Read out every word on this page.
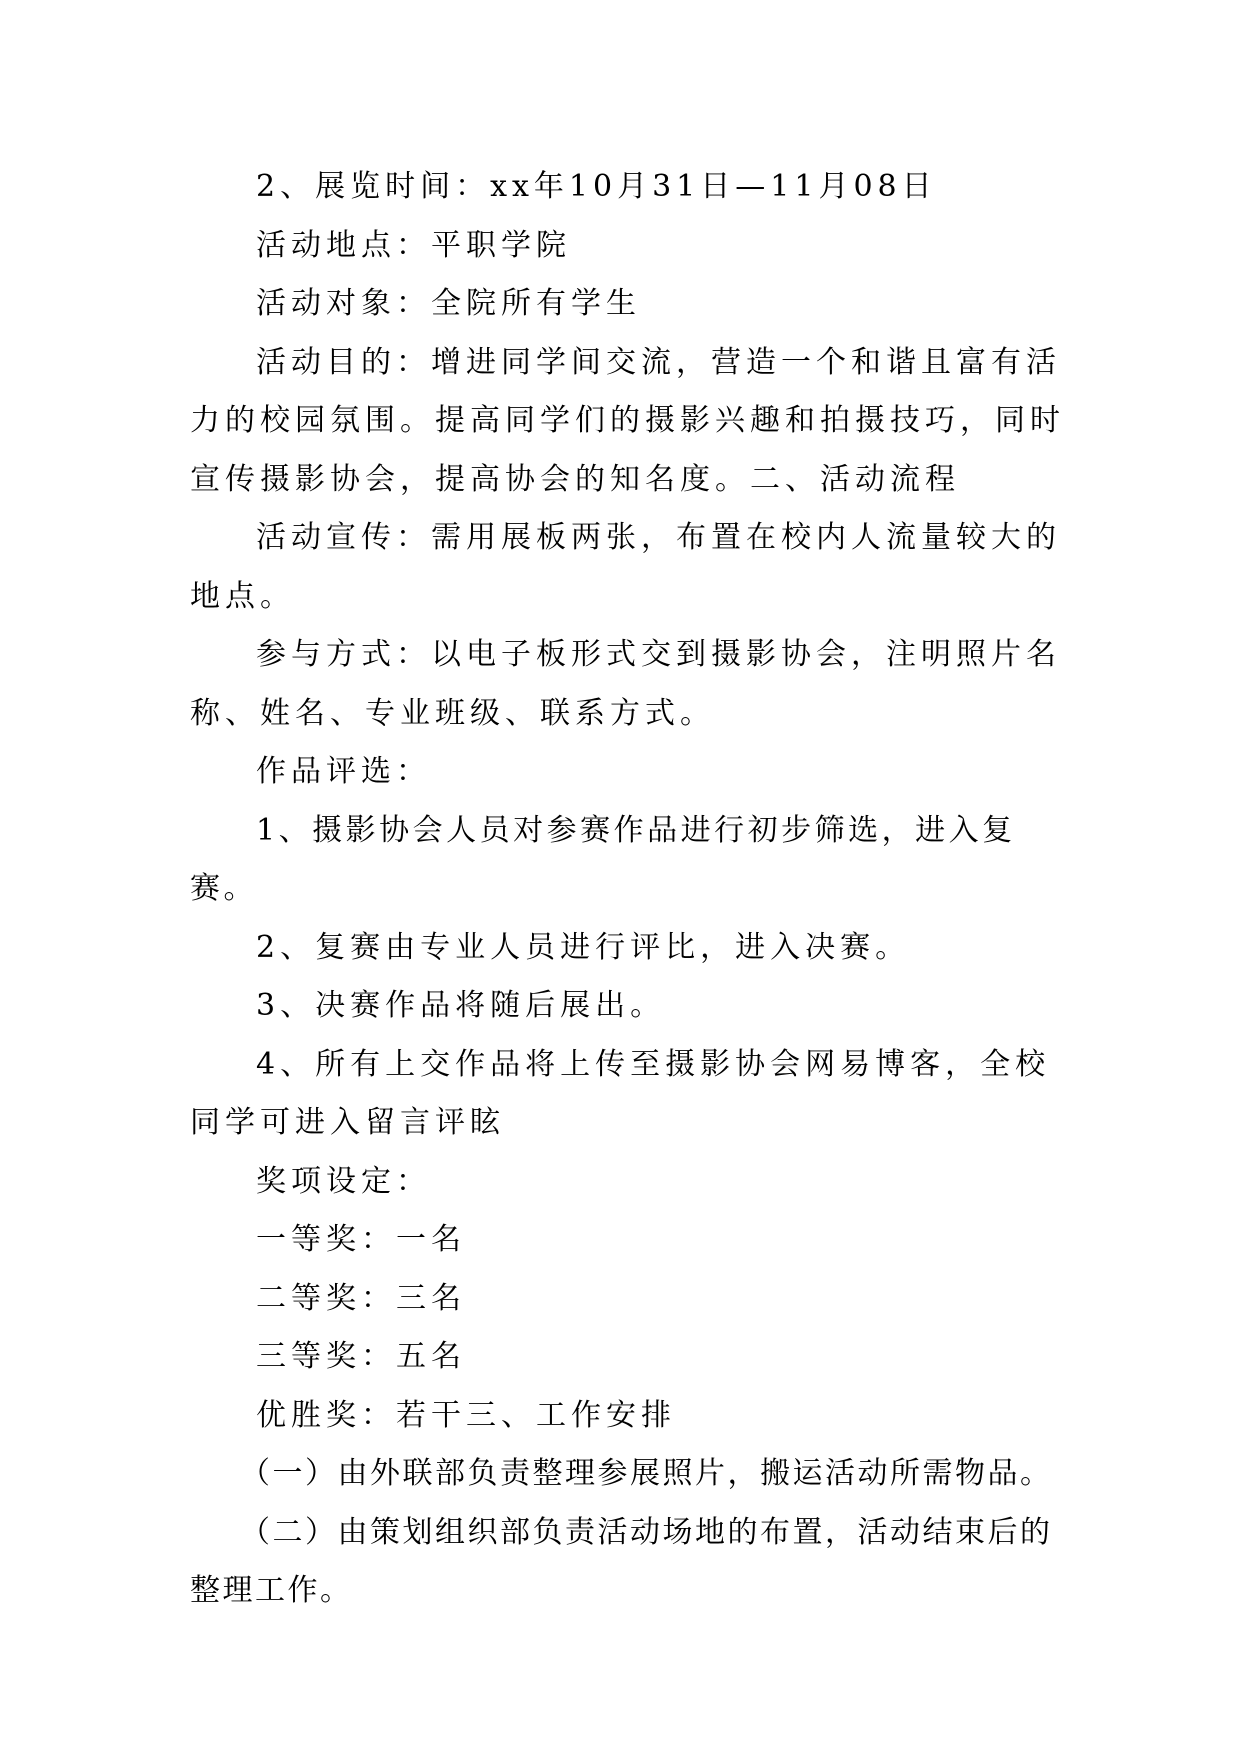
2、展览时间：xx年10月31日—11月08日

活动地点：平职学院

活动对象：全院所有学生

活动目的：增进同学间交流，营造一个和谐且富有活力的校园氛围。提高同学们的摄影兴趣和拍摄技巧，同时宣传摄影协会，提高协会的知名度。二、活动流程

活动宣传：需用展板两张，布置在校内人流量较大的地点。

参与方式：以电子板形式交到摄影协会，注明照片名称、姓名、专业班级、联系方式。

作品评选：

1、摄影协会人员对参赛作品进行初步筛选，进入复赛。

2、复赛由专业人员进行评比，进入决赛。

3、决赛作品将随后展出。

4、所有上交作品将上传至摄影协会网易博客，全校同学可进入留言评眩

奖项设定：

一等奖：一名

二等奖：三名

三等奖：五名

优胜奖：若干三、工作安排

（一）由外联部负责整理参展照片，搬运活动所需物品。

（二）由策划组织部负责活动场地的布置，活动结束后的整理工作。
